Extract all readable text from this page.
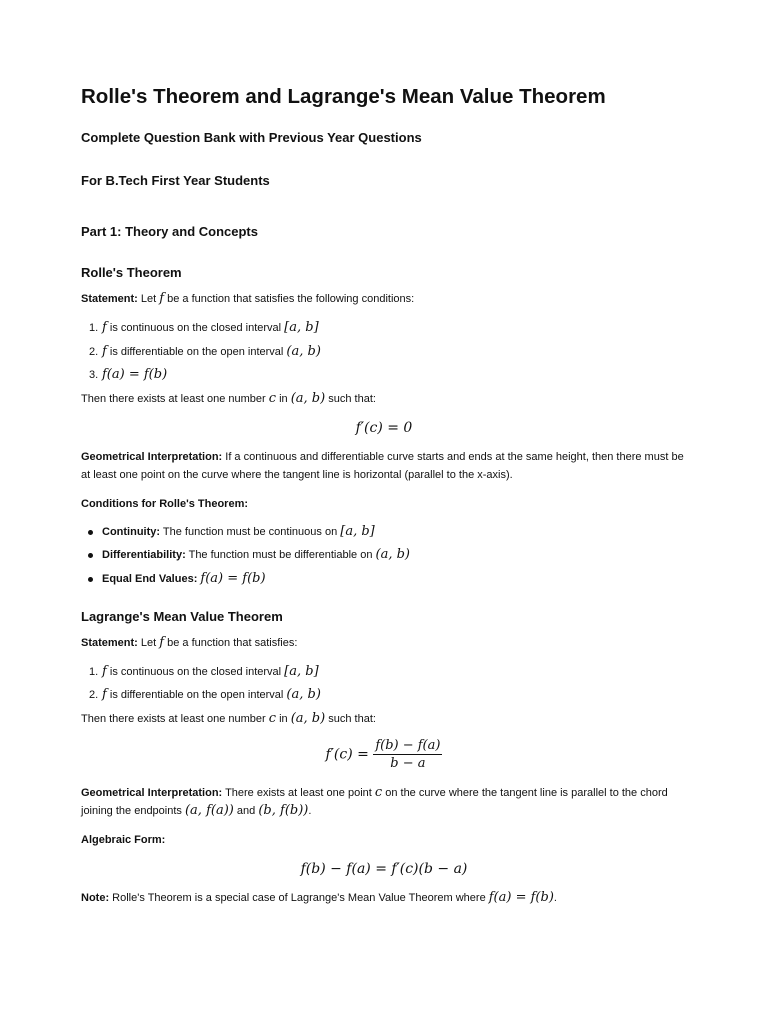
Rolle's Theorem and Lagrange's Mean Value Theorem
Complete Question Bank with Previous Year Questions
For B.Tech First Year Students
Part 1: Theory and Concepts
Rolle's Theorem
Statement: Let f be a function that satisfies the following conditions:
1. f is continuous on the closed interval [a, b]
2. f is differentiable on the open interval (a, b)
3. f(a) = f(b)
Then there exists at least one number c in (a, b) such that:
f′(c) = 0
Geometrical Interpretation: If a continuous and differentiable curve starts and ends at the same height, then there must be at least one point on the curve where the tangent line is horizontal (parallel to the x-axis).
Conditions for Rolle's Theorem:
Continuity: The function must be continuous on [a, b]
Differentiability: The function must be differentiable on (a, b)
Equal End Values: f(a) = f(b)
Lagrange's Mean Value Theorem
Statement: Let f be a function that satisfies:
1. f is continuous on the closed interval [a, b]
2. f is differentiable on the open interval (a, b)
Then there exists at least one number c in (a, b) such that:
$f'(c) = \frac{f(b) - f(a)}{b - a}$
Geometrical Interpretation: There exists at least one point c on the curve where the tangent line is parallel to the chord joining the endpoints (a, f(a)) and (b, f(b)).
Algebraic Form:
f(b) − f(a) = f′(c)(b − a)
Note: Rolle's Theorem is a special case of Lagrange's Mean Value Theorem where f(a) = f(b).
